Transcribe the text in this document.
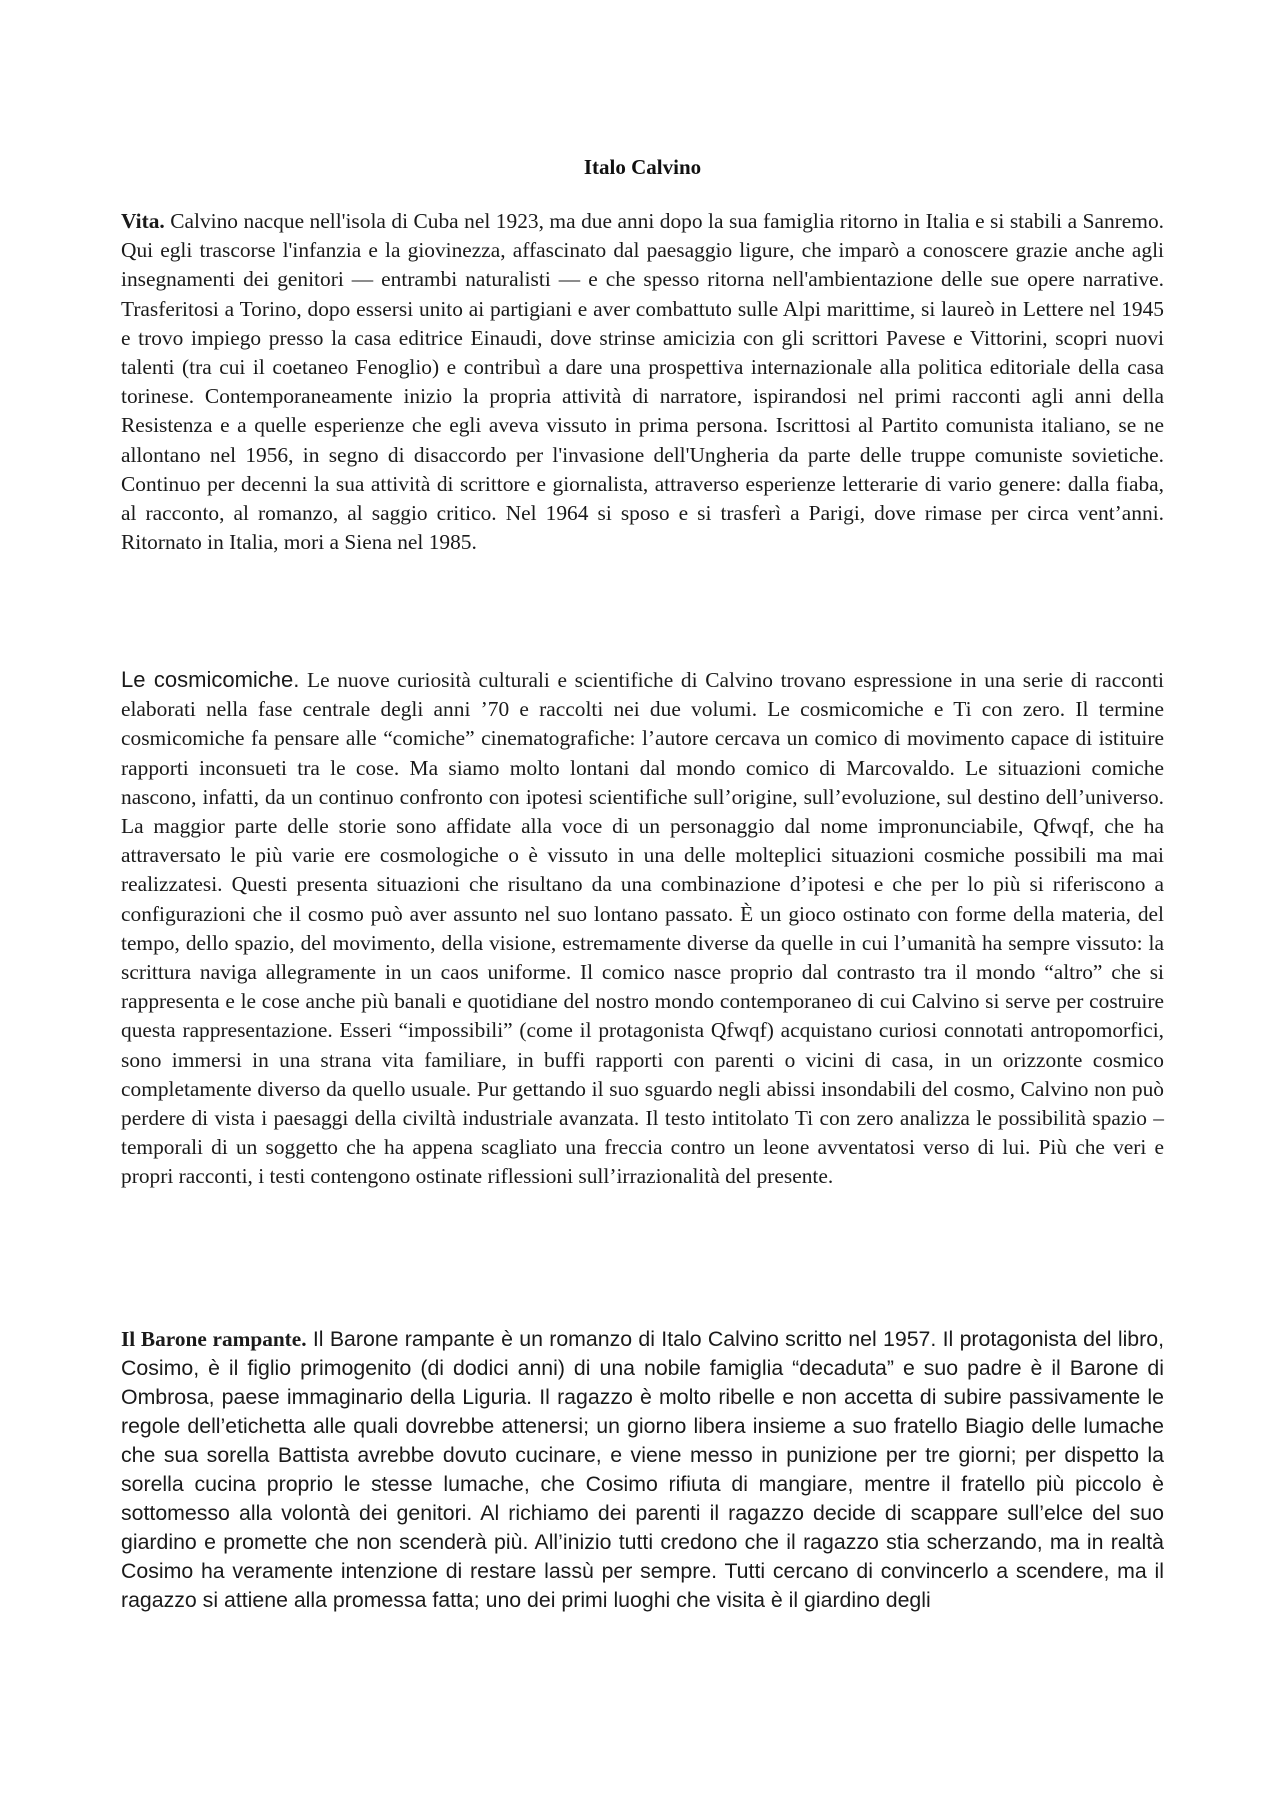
Italo Calvino

Vita. Calvino nacque nell'isola di Cuba nel 1923, ma due anni dopo la sua famiglia ritorno in Italia e si stabili a Sanremo. Qui egli trascorse l'infanzia e la giovinezza, affascinato dal paesaggio ligure, che imparò a conoscere grazie anche agli insegnamenti dei genitori — entrambi naturalisti — e che spesso ritorna nell'ambientazione delle sue opere narrative. Trasferitosi a Torino, dopo essersi unito ai partigiani e aver combattuto sulle Alpi marittime, si laureò in Lettere nel 1945 e trovo impiego presso la casa editrice Einaudi, dove strinse amicizia con gli scrittori Pavese e Vittorini, scopri nuovi talenti (tra cui il coetaneo Fenoglio) e contribuì a dare una prospettiva internazionale alla politica editoriale della casa torinese. Contemporaneamente inizio la propria attività di narratore, ispirandosi nel primi racconti agli anni della Resistenza e a quelle esperienze che egli aveva vissuto in prima persona. Iscrittosi al Partito comunista italiano, se ne allontano nel 1956, in segno di disaccordo per l'invasione dell'Ungheria da parte delle truppe comuniste sovietiche. Continuo per decenni la sua attività di scrittore e giornalista, attraverso esperienze letterarie di vario genere: dalla fiaba, al racconto, al romanzo, al saggio critico. Nel 1964 si sposo e si trasferì a Parigi, dove rimase per circa vent’anni. Ritornato in Italia, mori a Siena nel 1985.

Le cosmicomiche. Le nuove curiosità culturali e scientifiche di Calvino trovano espressione in una serie di racconti elaborati nella fase centrale degli anni ’70 e raccolti nei due volumi. Le cosmicomiche e Ti con zero. Il termine cosmicomiche fa pensare alle “comiche” cinematografiche: l’autore cercava un comico di movimento capace di istituire rapporti inconsueti tra le cose. Ma siamo molto lontani dal mondo comico di Marcovaldo. Le situazioni comiche nascono, infatti, da un continuo confronto con ipotesi scientifiche sull’origine, sull’evoluzione, sul destino dell’universo. La maggior parte delle storie sono affidate alla voce di un personaggio dal nome impronunciabile, Qfwqf, che ha attraversato le più varie ere cosmologiche o è vissuto in una delle molteplici situazioni cosmiche possibili ma mai realizzatesi. Questi presenta situazioni che risultano da una combinazione d’ipotesi e che per lo più si riferiscono a configurazioni che il cosmo può aver assunto nel suo lontano passato. È un gioco ostinato con forme della materia, del tempo, dello spazio, del movimento, della visione, estremamente diverse da quelle in cui l’umanità ha sempre vissuto: la scrittura naviga allegramente in un caos uniforme. Il comico nasce proprio dal contrasto tra il mondo “altro” che si rappresenta e le cose anche più banali e quotidiane del nostro mondo contemporaneo di cui Calvino si serve per costruire questa rappresentazione. Esseri “impossibili” (come il protagonista Qfwqf) acquistano curiosi connotati antropomorfici, sono immersi in una strana vita familiare, in buffi rapporti con parenti o vicini di casa, in un orizzonte cosmico completamente diverso da quello usuale. Pur gettando il suo sguardo negli abissi insondabili del cosmo, Calvino non può perdere di vista i paesaggi della civiltà industriale avanzata. Il testo intitolato Ti con zero analizza le possibilità spazio – temporali di un soggetto che ha appena scagliato una freccia contro un leone avventatosi verso di lui. Più che veri e propri racconti, i testi contengono ostinate riflessioni sull’irrazionalità del presente.

Il Barone rampante. Il Barone rampante è un romanzo di Italo Calvino scritto nel 1957. Il protagonista del libro, Cosimo, è il figlio primogenito (di dodici anni) di una nobile famiglia “decaduta” e suo padre è il Barone di Ombrosa, paese immaginario della Liguria. Il ragazzo è molto ribelle e non accetta di subire passivamente le regole dell’etichetta alle quali dovrebbe attenersi; un giorno libera insieme a suo fratello Biagio delle lumache che sua sorella Battista avrebbe dovuto cucinare, e viene messo in punizione per tre giorni; per dispetto la sorella cucina proprio le stesse lumache, che Cosimo rifiuta di mangiare, mentre il fratello più piccolo è sottomesso alla volontà dei genitori. Al richiamo dei parenti il ragazzo decide di scappare sull’elce del suo giardino e promette che non scenderà più. All’inizio tutti credono che il ragazzo stia scherzando, ma in realtà Cosimo ha veramente intenzione di restare lassù per sempre. Tutti cercano di convincerlo a scendere, ma il ragazzo si attiene alla promessa fatta; uno dei primi luoghi che visita è il giardino degli
